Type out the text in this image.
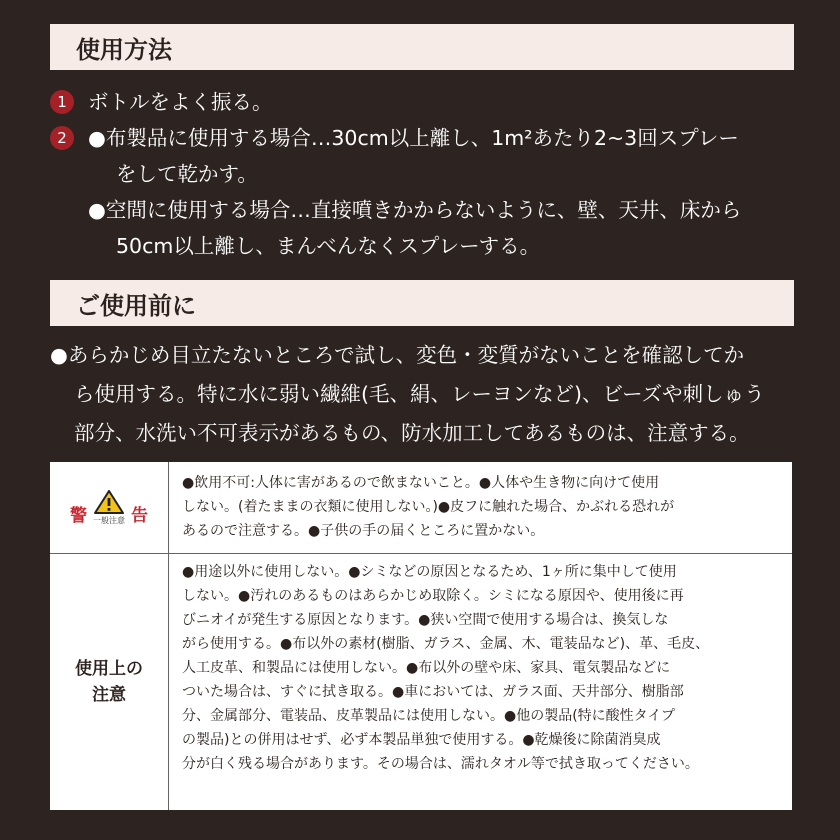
使用方法
1	ボトルをよく振る。
2	●布製品に使用する場合…30cm以上離し、1m²あたり2~3回スプレー
をして乾かす。
●空間に使用する場合…直接噴きかからないように、壁、天井、床から
50cm以上離し、まんべんなくスプレーする。
ご使用前に
●あらかじめ目立たないところで試し、変色・変質がないことを確認してか
ら使用する。特に水に弱い繊維(毛、絹、レーヨンなど)、ビーズや刺しゅう
部分、水洗い不可表示があるもの、防水加工してあるものは、注意する。
警 一般注意 告
●飲用不可:人体に害があるので飲まないこと。●人体や生き物に向けて使用
しない。(着たままの衣類に使用しない。)●皮フに触れた場合、かぶれる恐れが
あるので注意する。●子供の手の届くところに置かない。
使用上の
注意
●用途以外に使用しない。●シミなどの原因となるため、1ヶ所に集中して使用
しない。●汚れのあるものはあらかじめ取除く。シミになる原因や、使用後に再
びニオイが発生する原因となります。●狭い空間で使用する場合は、換気しな
がら使用する。●布以外の素材(樹脂、ガラス、金属、木、電装品など)、革、毛皮、
人工皮革、和製品には使用しない。●布以外の壁や床、家具、電気製品などに
ついた場合は、すぐに拭き取る。●車においては、ガラス面、天井部分、樹脂部
分、金属部分、電装品、皮革製品には使用しない。●他の製品(特に酸性タイプ
の製品)との併用はせず、必ず本製品単独で使用する。●乾燥後に除菌消臭成
分が白く残る場合があります。その場合は、濡れタオル等で拭き取ってください。
